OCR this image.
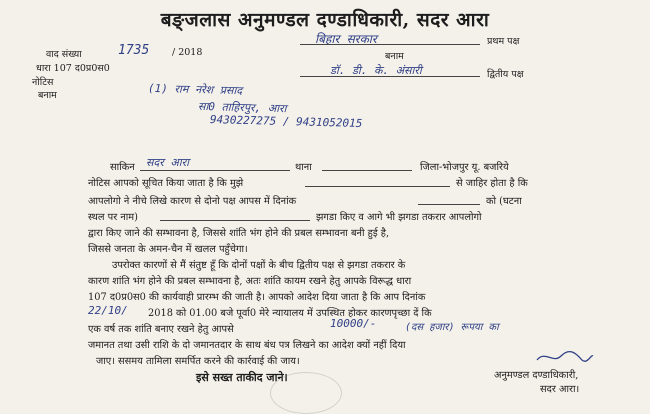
बङ्जलास अनुमण्डल दण्डाधिकारी, सदर आरा
बिहार सरकार	प्रथम पक्ष
बनाम
डॉ. डी. के. अंसारी	द्वितीय पक्ष
वाद संख्या	1735 / 2018
धारा 107 द0प्र0स0
नोटिस
बनाम	(1) राम नरेश प्रसाद
सा0 ताहिरपुर, आरा
9430227275 / 9431052015
साकिन सदर आरा	थाना	जिला-भोजपुर यू. बजरिये
नोटिस आपको सूचित किया जाता है कि मुझे	से जाहिर होता है कि
आपलोगो ने नीचे लिखे कारण से दोनो पक्ष आपस में दिनांक	को (घटना
स्थल पर नाम)	झगडा किए व आगे भी झगडा तकरार आपलोगो
द्वारा किए जाने की सम्भावना है, जिससे शांति भंग होने की प्रबल सम्भावना बनी हुई है,
जिससे जनता के अमन-चैन में खलल पहुँचेगा।
उपरोक्त कारणों से मैं संतुष्ट हूँ कि दोनों पक्षों के बीच द्वितीय पक्ष से झगडा तकरार के
कारण शांति भंग होने की प्रबल सम्भावना है, अतः शांति कायम रखने हेतु आपके विरूद्ध धारा
107 द0प्र0स0 की कार्यवाही प्रारम्भ की जाती है। आपको आदेश दिया जाता है कि आप दिनांक
22/10/ 2018 को 01.00 बजे पूर्वा0 मेरे न्यायालय में उपस्थित होकर कारणपृच्छा दें कि
एक वर्ष तक शांति बनाए रखने हेतु आपसे	10000/-	(दस हजार) रूपया का
जमानत तथा उसी राशि के दो जमानतदार के साथ बंध पत्र लिखने का आदेश क्यों नहीं दिया
जाए। ससमय तामिला समर्पित करने की कार्रवाई की जाय।
इसे सख्त ताकीद जाने।	अनुमण्डल दण्डाधिकारी,
सदर आरा।
